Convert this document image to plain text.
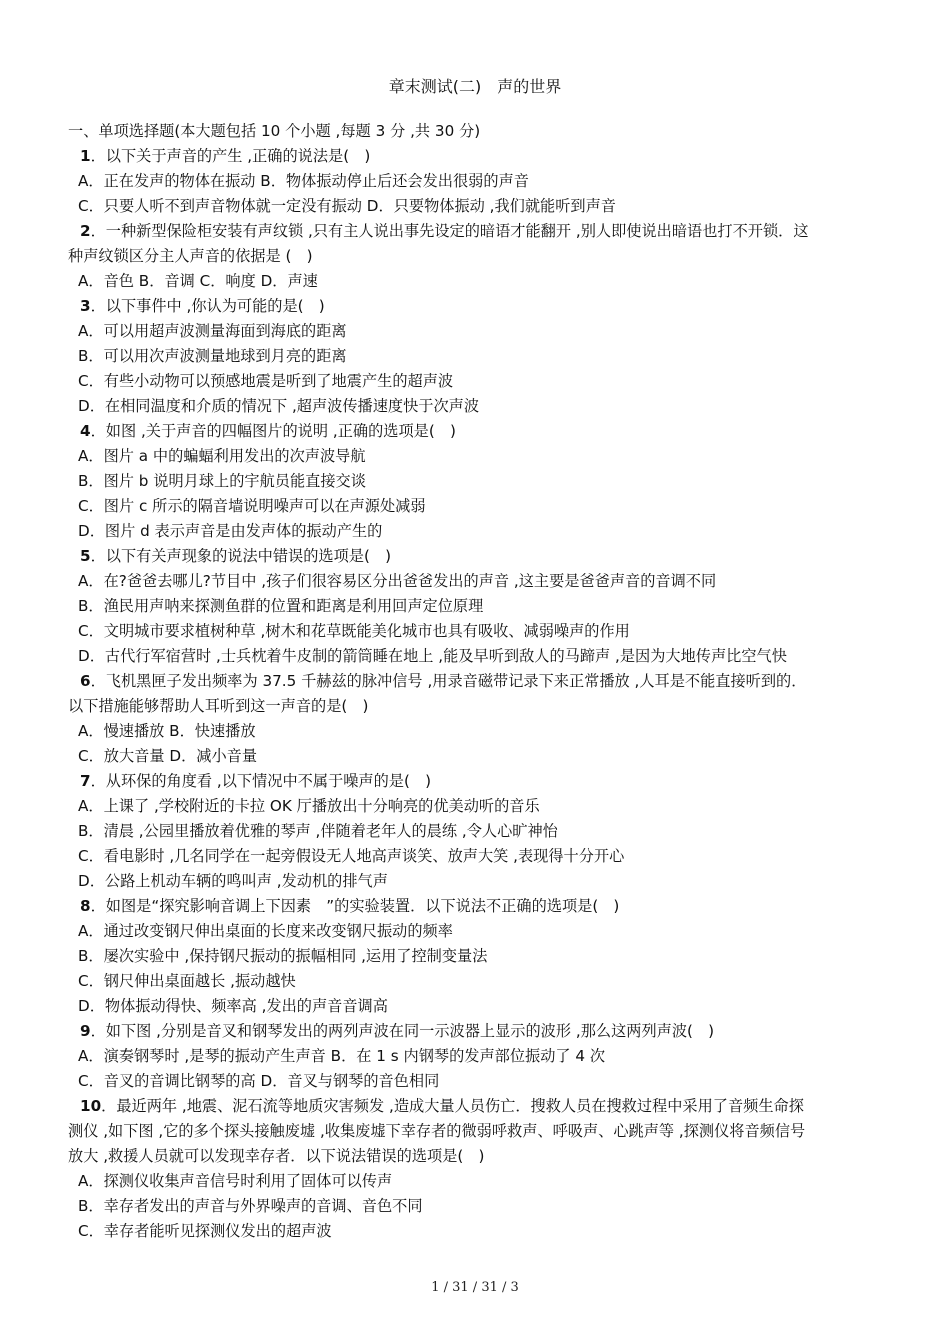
章末测试(二)　声的世界
一、单项选择题(本大题包括 10 个小题 ,每题 3 分 ,共 30 分)
1．以下关于声音的产生 ,正确的说法是(　)
A．正在发声的物体在振动 B．物体振动停止后还会发出很弱的声音
C．只要人听不到声音物体就一定没有振动 D．只要物体振动 ,我们就能听到声音
2．一种新型保险柜安装有声纹锁 ,只有主人说出事先设定的暗语才能翻开 ,别人即使说出暗语也打不开锁．这
种声纹锁区分主人声音的依据是 (　)
A．音色 B．音调 C．响度 D．声速
3．以下事件中 ,你认为可能的是(　)
A．可以用超声波测量海面到海底的距离
B．可以用次声波测量地球到月亮的距离
C．有些小动物可以预感地震是听到了地震产生的超声波
D．在相同温度和介质的情况下 ,超声波传播速度快于次声波
4．如图 ,关于声音的四幅图片的说明 ,正确的选项是(　)
A．图片 a 中的蝙蝠利用发出的次声波导航
B．图片 b 说明月球上的宇航员能直接交谈
C．图片 c 所示的隔音墙说明噪声可以在声源处减弱
D．图片 d 表示声音是由发声体的振动产生的
5．以下有关声现象的说法中错误的选项是(　)
A．在?爸爸去哪儿?节目中 ,孩子们很容易区分出爸爸发出的声音 ,这主要是爸爸声音的音调不同
B．渔民用声呐来探测鱼群的位置和距离是利用回声定位原理
C．文明城市要求植树种草 ,树木和花草既能美化城市也具有吸收、减弱噪声的作用
D．古代行军宿营时 ,士兵枕着牛皮制的箭筒睡在地上 ,能及早听到敌人的马蹄声 ,是因为大地传声比空气快
6．飞机黑匣子发出频率为 37.5 千赫兹的脉冲信号 ,用录音磁带记录下来正常播放 ,人耳是不能直接听到的．
以下措施能够帮助人耳听到这一声音的是(　)
A．慢速播放 B．快速播放
C．放大音量 D．减小音量
7．从环保的角度看 ,以下情况中不属于噪声的是(　)
A．上课了 ,学校附近的卡拉 OK 厅播放出十分响亮的优美动听的音乐
B．清晨 ,公园里播放着优雅的琴声 ,伴随着老年人的晨练 ,令人心旷神怡
C．看电影时 ,几名同学在一起旁假设无人地高声谈笑、放声大笑 ,表现得十分开心
D．公路上机动车辆的鸣叫声 ,发动机的排气声
8．如图是“探究影响音调上下因素　”的实验装置．以下说法不正确的选项是(　)
A．通过改变钢尺伸出桌面的长度来改变钢尺振动的频率
B．屡次实验中 ,保持钢尺振动的振幅相同 ,运用了控制变量法
C．钢尺伸出桌面越长 ,振动越快
D．物体振动得快、频率高 ,发出的声音音调高
9．如下图 ,分别是音叉和钢琴发出的两列声波在同一示波器上显示的波形 ,那么这两列声波(　)
A．演奏钢琴时 ,是琴的振动产生声音 B．在 1 s 内钢琴的发声部位振动了 4 次
C．音叉的音调比钢琴的高 D．音叉与钢琴的音色相同
10．最近两年 ,地震、泥石流等地质灾害频发 ,造成大量人员伤亡．搜救人员在搜救过程中采用了音频生命探
测仪 ,如下图 ,它的多个探头接触废墟 ,收集废墟下幸存者的微弱呼救声、呼吸声、心跳声等 ,探测仪将音频信号
放大 ,救援人员就可以发现幸存者．以下说法错误的选项是(　)
A．探测仪收集声音信号时利用了固体可以传声
B．幸存者发出的声音与外界噪声的音调、音色不同
C．幸存者能听见探测仪发出的超声波
1 / 31 / 31 / 3
